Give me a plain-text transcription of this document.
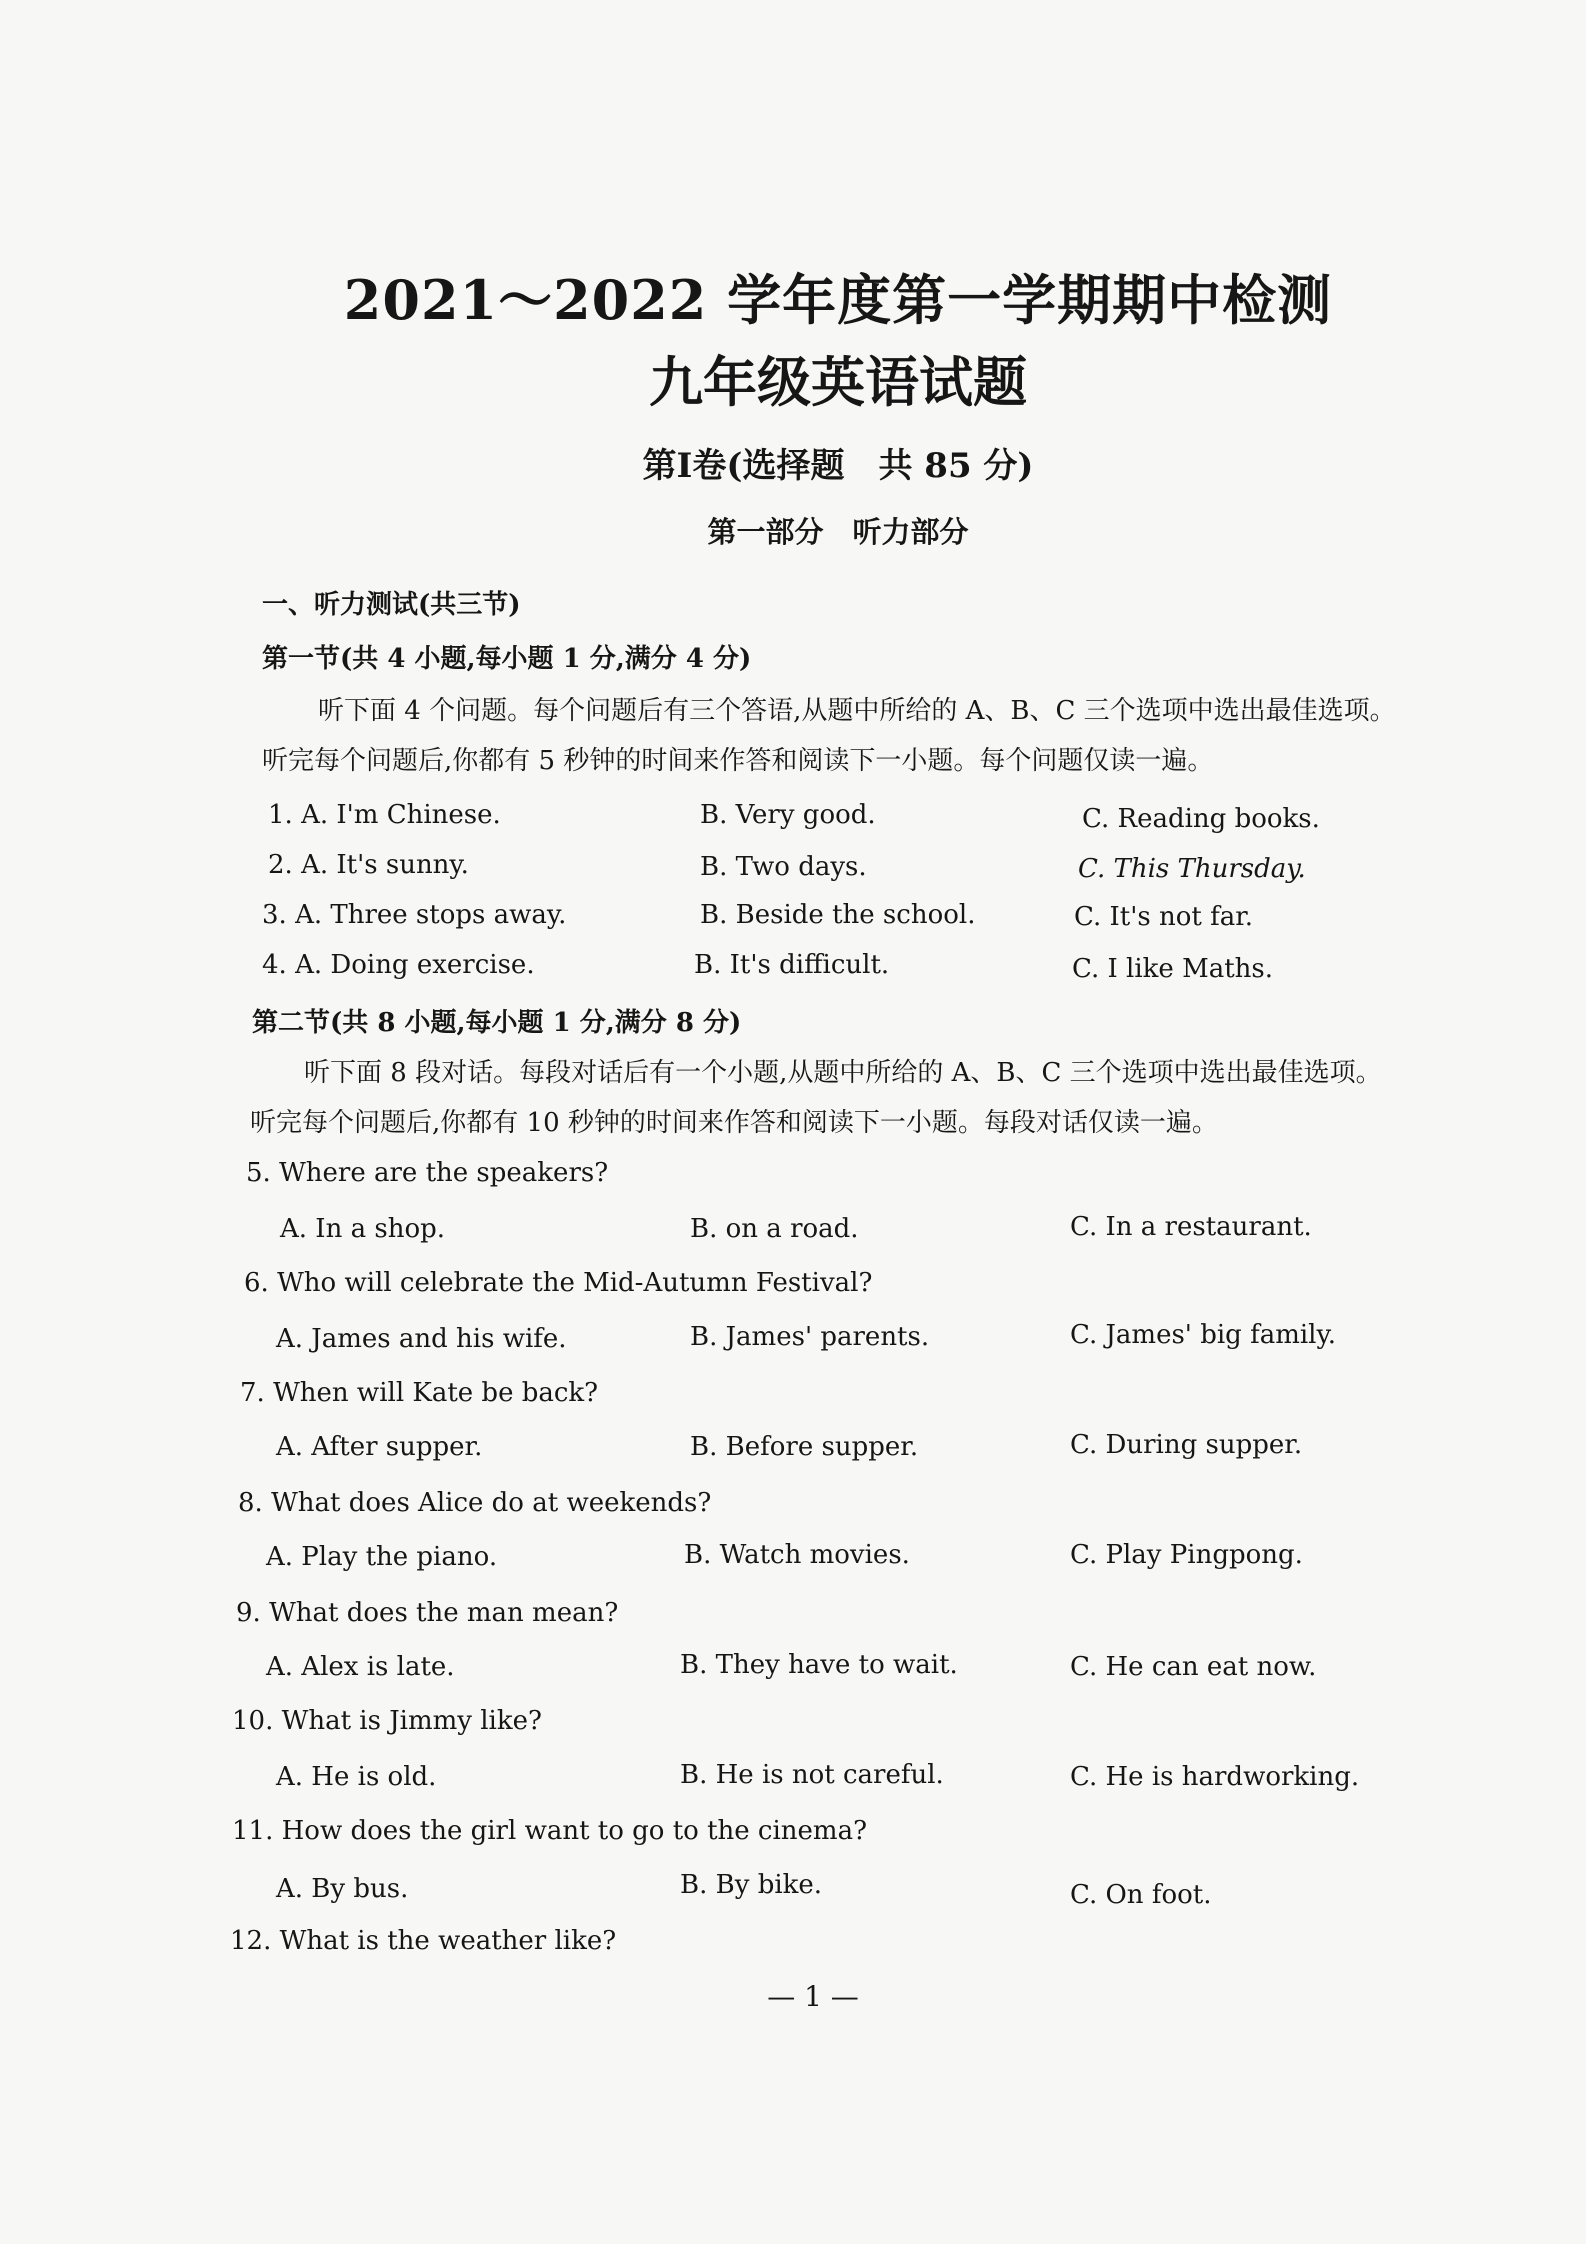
2021～2022 学年度第一学期期中检测
九年级英语试题
第Ⅰ卷(选择题　共 85 分)
第一部分　听力部分
一、听力测试(共三节)
第一节(共 4 小题,每小题 1 分,满分 4 分)
听下面 4 个问题。每个问题后有三个答语,从题中所给的 A、B、C 三个选项中选出最佳选项。
听完每个问题后,你都有 5 秒钟的时间来作答和阅读下一小题。每个问题仅读一遍。
1. A. I'm Chinese.	B. Very good.	C. Reading books.
2. A. It's sunny.	B. Two days.	C. This Thursday.
3. A. Three stops away.	B. Beside the school.	C. It's not far.
4. A. Doing exercise.	B. It's difficult.	C. I like Maths.
第二节(共 8 小题,每小题 1 分,满分 8 分)
听下面 8 段对话。每段对话后有一个小题,从题中所给的 A、B、C 三个选项中选出最佳选项。
听完每个问题后,你都有 10 秒钟的时间来作答和阅读下一小题。每段对话仅读一遍。
5. Where are the speakers?
A. In a shop.	B. on a road.	C. In a restaurant.
6. Who will celebrate the Mid-Autumn Festival?
A. James and his wife.	B. James' parents.	C. James' big family.
7. When will Kate be back?
A. After supper.	B. Before supper.	C. During supper.
8. What does Alice do at weekends?
A. Play the piano.	B. Watch movies.	C. Play Pingpong.
9. What does the man mean?
A. Alex is late.	B. They have to wait.	C. He can eat now.
10. What is Jimmy like?
A. He is old.	B. He is not careful.	C. He is hardworking.
11. How does the girl want to go to the cinema?
A. By bus.	B. By bike.	C. On foot.
12. What is the weather like?
— 1 —
